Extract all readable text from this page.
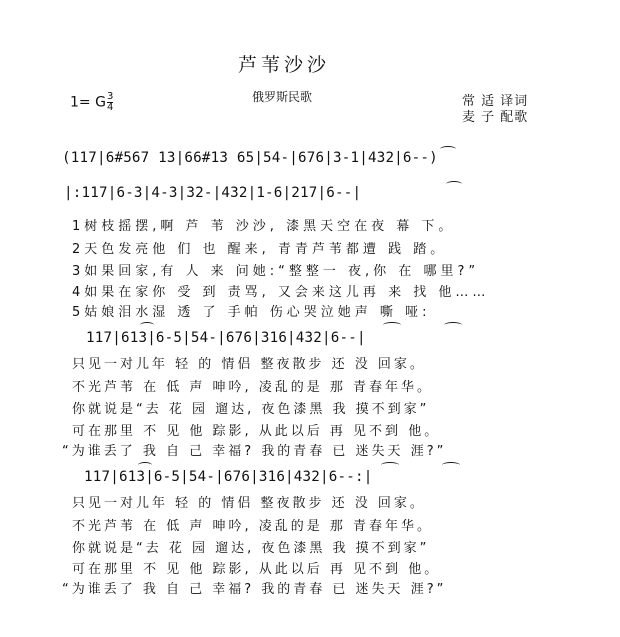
芦苇沙沙
俄罗斯民歌
1= G $\frac{3}{4}$	常 适 译词
麦 子 配歌
(117|6#567 13|66#13 65|54-|676|3-1|432|6--)
|:117|6-3|4-3|32-|432|1-6|217|6--|
1树枝摇摆,啊 芦 苇 沙沙, 漆黑天空在夜 幕 下。
2天色发亮他 们 也 醒来, 青青芦苇都遭 践 踏。
3如果回家,有 人 来 问她:“整整一 夜,你 在 哪里?”
4如果在家你 受 到 责骂, 又会来这儿再 来 找 他……
5姑娘泪水湿 透 了 手帕 伤心哭泣她声 嘶 哑:
117|613|6-5|54-|676|316|432|6--|
只见一对儿年 轻 的 情侣 整夜散步 还 没 回家。
不光芦苇 在 低 声 呻吟, 凌乱的是 那 青春年华。
你就说是“去 花 园 遛达, 夜色漆黑 我 摸不到家”
可在那里 不 见 他 踪影, 从此以后 再 见不到 他。
“为谁丢了 我 自 己 幸福? 我的青春 已 迷失天 涯?”
117|613|6-5|54-|676|316|432|6--:|
只见一对儿年 轻 的 情侣 整夜散步 还 没 回家。
不光芦苇 在 低 声 呻吟, 凌乱的是 那 青春年华。
你就说是“去 花 园 遛达, 夜色漆黑 我 摸不到家”
可在那里 不 见 他 踪影, 从此以后 再 见不到 他。
“为谁丢了 我 自 己 幸福? 我的青春 已 迷失天 涯?”
